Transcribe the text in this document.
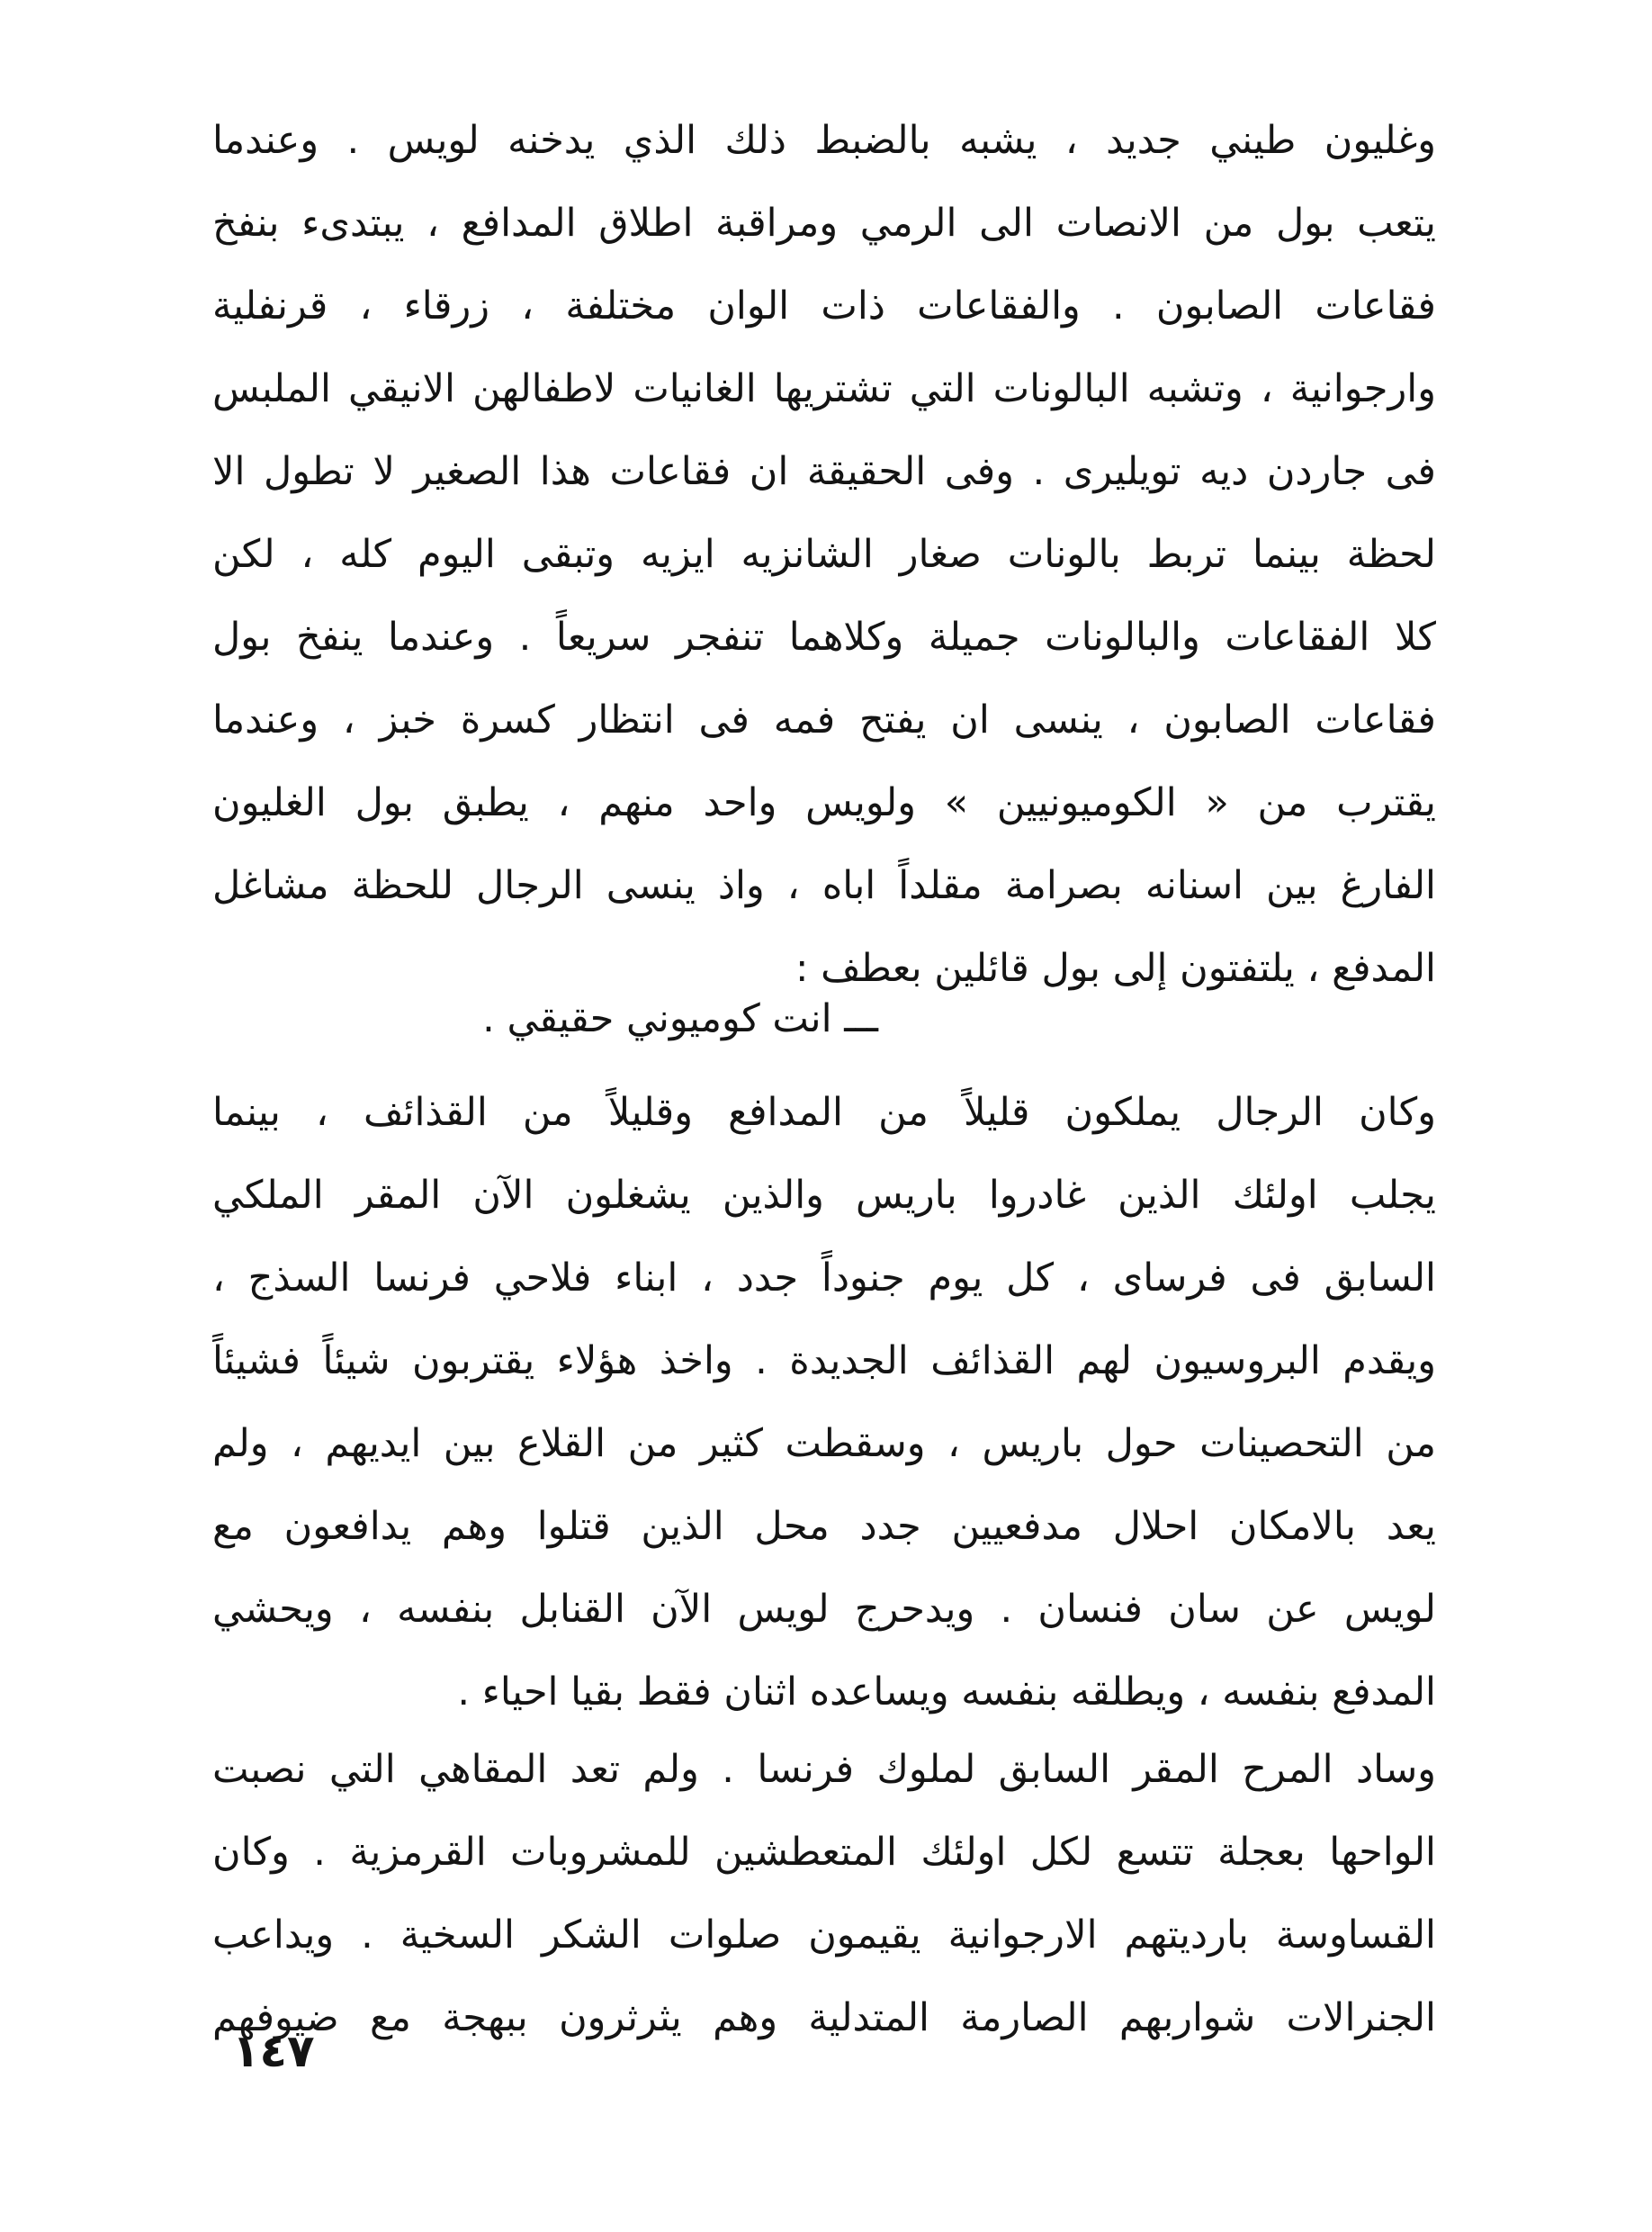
وغليون طيني جديد ، يشبه بالضبط ذلك الذي يدخنه لويس . وعندما
يتعب بول من الانصات الى الرمي ومراقبة اطلاق المدافع ، يبتدىء بنفخ
فقاعات الصابون . والفقاعات ذات الوان مختلفة ، زرقاء ، قرنفلية
وارجوانية ، وتشبه البالونات التي تشتريها الغانيات لاطفالهن الانيقي الملبس
فى جاردن ديه تويليرى . وفى الحقيقة ان فقاعات هذا الصغير لا تطول الا
لحظة بينما تربط بالونات صغار الشانزيه ايزيه وتبقى اليوم كله ، لكن
كلا الفقاعات والبالونات جميلة وكلاهما تنفجر سريعاً . وعندما ينفخ بول
فقاعات الصابون ، ينسى ان يفتح فمه فى انتظار كسرة خبز ، وعندما
يقترب من « الكوميونيين » ولويس واحد منهم ، يطبق بول الغليون
الفارغ بين اسنانه بصرامة مقلداً اباه ، واذ ينسى الرجال للحظة مشاغل
المدفع ، يلتفتون إلى بول قائلين بعطف :
ـــ انت كوميوني حقيقي .
وكان الرجال يملكون قليلاً من المدافع وقليلاً من القذائف ، بينما
يجلب اولئك الذين غادروا باريس والذين يشغلون الآن المقر الملكي
السابق فى فرساى ، كل يوم جنوداً جدد ، ابناء فلاحي فرنسا السذج ،
ويقدم البروسيون لهم القذائف الجديدة . واخذ هؤلاء يقتربون شيئاً فشيئاً
من التحصينات حول باريس ، وسقطت كثير من القلاع بين ايديهم ، ولم
يعد بالامكان احلال مدفعيين جدد محل الذين قتلوا وهم يدافعون مع
لويس عن سان فنسان . ويدحرج لويس الآن القنابل بنفسه ، ويحشي
المدفع بنفسه ، ويطلقه بنفسه ويساعده اثنان فقط بقيا احياء .
وساد المرح المقر السابق لملوك فرنسا . ولم تعد المقاهي التي نصبت
الواحها بعجلة تتسع لكل اولئك المتعطشين للمشروبات القرمزية . وكان
القساوسة بارديتهم الارجوانية يقيمون صلوات الشكر السخية . ويداعب
الجنرالات شواربهم الصارمة المتدلية وهم يثرثرون ببهجة مع ضيوفهم
١٤٧
